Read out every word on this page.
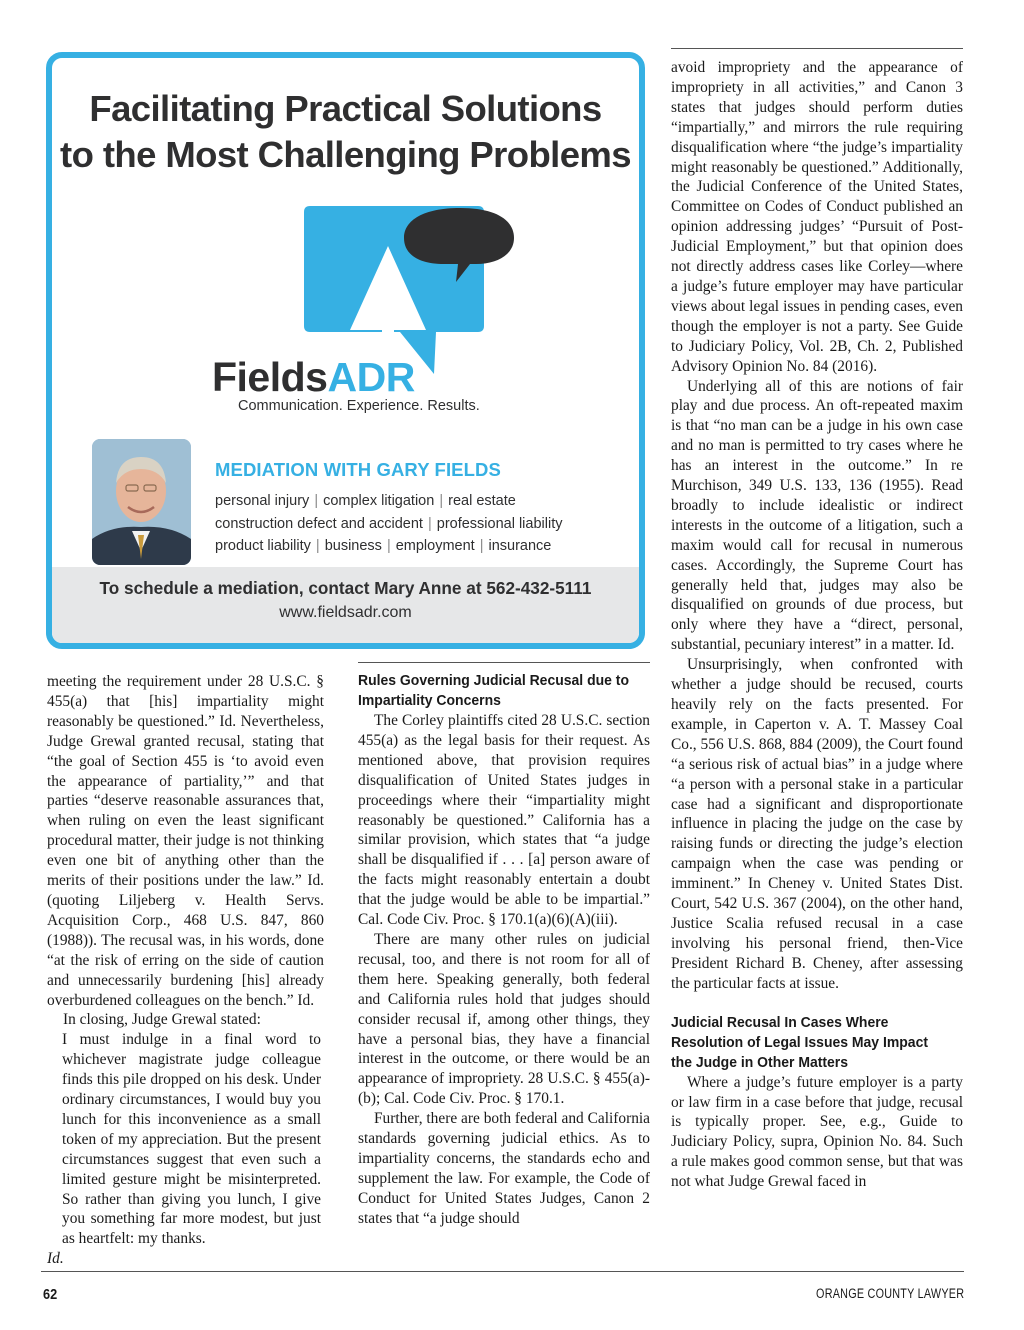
Facilitating Practical Solutions
to the Most Challenging Problems
FieldsADR
Communication. Experience. Results.
MEDIATION WITH GARY FIELDS
personal injury | complex litigation | real estate
construction defect and accident | professional liability
product liability | business | employment | insurance
To schedule a mediation, contact Mary Anne at 562-432-5111
www.fieldsadr.com

meeting the requirement under 28 U.S.C. § 455(a) that [his] impartiality might reasonably be questioned.” Id. Nevertheless, Judge Grewal granted recusal, stating that “the goal of Section 455 is ‘to avoid even the appearance of partiality,’” and that parties “deserve reasonable assurances that, when ruling on even the least significant procedural matter, their judge is not thinking even one bit of anything other than the merits of their positions under the law.” Id. (quoting Liljeberg v. Health Servs. Acquisition Corp., 468 U.S. 847, 860 (1988)). The recusal was, in his words, done “at the risk of erring on the side of caution and unnecessarily burdening [his] already overburdened colleagues on the bench.” Id.

In closing, Judge Grewal stated:

I must indulge in a final word to whichever magistrate judge colleague finds this pile dropped on his desk. Under ordinary circumstances, I would buy you lunch for this inconvenience as a small token of my appreciation. But the present circumstances suggest that even such a limited gesture might be misinterpreted. So rather than giving you lunch, I give you something far more modest, but just as heartfelt: my thanks.

Id.

Rules Governing Judicial Recusal due to
Impartiality Concerns

The Corley plaintiffs cited 28 U.S.C. section 455(a) as the legal basis for their request. As mentioned above, that provision requires disqualification of United States judges in proceedings where their “impartiality might reasonably be questioned.” California has a similar provision, which states that “a judge shall be disqualified if . . . [a] person aware of the facts might reasonably entertain a doubt that the judge would be able to be impartial.” Cal. Code Civ. Proc. § 170.1(a)(6)(A)(iii).

There are many other rules on judicial recusal, too, and there is not room for all of them here. Speaking generally, both federal and California rules hold that judges should consider recusal if, among other things, they have a personal bias, they have a financial interest in the outcome, or there would be an appearance of impropriety. 28 U.S.C. § 455(a)-(b); Cal. Code Civ. Proc. § 170.1.

Further, there are both federal and California standards governing judicial ethics. As to impartiality concerns, the standards echo and supplement the law. For example, the Code of Conduct for United States Judges, Canon 2 states that “a judge should

avoid impropriety and the appearance of impropriety in all activities,” and Canon 3 states that judges should perform duties “impartially,” and mirrors the rule requiring disqualification where “the judge’s impartiality might reasonably be questioned.” Additionally, the Judicial Conference of the United States, Committee on Codes of Conduct published an opinion addressing judges’ “Pursuit of Post-Judicial Employment,” but that opinion does not directly address cases like Corley—where a judge’s future employer may have particular views about legal issues in pending cases, even though the employer is not a party. See Guide to Judiciary Policy, Vol. 2B, Ch. 2, Published Advisory Opinion No. 84 (2016).

Underlying all of this are notions of fair play and due process. An oft-repeated maxim is that “no man can be a judge in his own case and no man is permitted to try cases where he has an interest in the outcome.” In re Murchison, 349 U.S. 133, 136 (1955). Read broadly to include idealistic or indirect interests in the outcome of a litigation, such a maxim would call for recusal in numerous cases. Accordingly, the Supreme Court has generally held that, judges may also be disqualified on grounds of due process, but only where they have a “direct, personal, substantial, pecuniary interest” in a matter. Id.

Unsurprisingly, when confronted with whether a judge should be recused, courts heavily rely on the facts presented. For example, in Caperton v. A. T. Massey Coal Co., 556 U.S. 868, 884 (2009), the Court found “a serious risk of actual bias” in a judge where “a person with a personal stake in a particular case had a significant and disproportionate influence in placing the judge on the case by raising funds or directing the judge’s election campaign when the case was pending or imminent.” In Cheney v. United States Dist. Court, 542 U.S. 367 (2004), on the other hand, Justice Scalia refused recusal in a case involving his personal friend, then-Vice President Richard B. Cheney, after assessing the particular facts at issue.

Judicial Recusal In Cases Where
Resolution of Legal Issues May Impact
the Judge in Other Matters

Where a judge’s future employer is a party or law firm in a case before that judge, recusal is typically proper. See, e.g., Guide to Judiciary Policy, supra, Opinion No. 84. Such a rule makes good common sense, but that was not what Judge Grewal faced in

62	ORANGE COUNTY LAWYER
